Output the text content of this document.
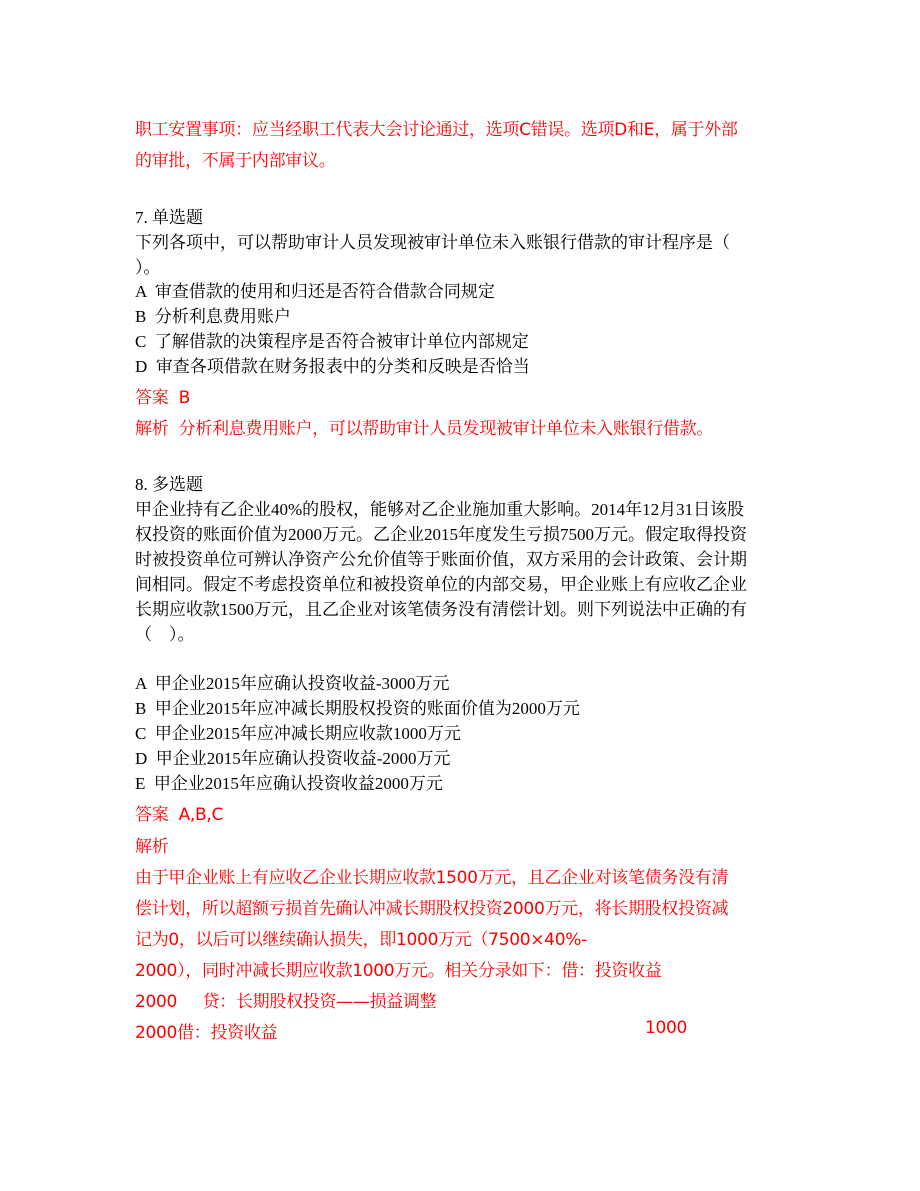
职工安置事项：应当经职工代表大会讨论通过，选项C错误。选项D和E，属于外部
的审批，不属于内部审议。
7. 单选题
下列各项中，可以帮助审计人员发现被审计单位未入账银行借款的审计程序是（
）。
A  审查借款的使用和归还是否符合借款合同规定
B  分析利息费用账户
C  了解借款的决策程序是否符合被审计单位内部规定
D  审查各项借款在财务报表中的分类和反映是否恰当
答案  B
解析  分析利息费用账户，可以帮助审计人员发现被审计单位未入账银行借款。
8. 多选题
甲企业持有乙企业40%的股权，能够对乙企业施加重大影响。2014年12月31日该股
权投资的账面价值为2000万元。乙企业2015年度发生亏损7500万元。假定取得投资
时被投资单位可辨认净资产公允价值等于账面价值，双方采用的会计政策、会计期
间相同。假定不考虑投资单位和被投资单位的内部交易，甲企业账上有应收乙企业
长期应收款1500万元，且乙企业对该笔债务没有清偿计划。则下列说法中正确的有
（    ）。
A  甲企业2015年应确认投资收益-3000万元
B  甲企业2015年应冲减长期股权投资的账面价值为2000万元
C  甲企业2015年应冲减长期应收款1000万元
D  甲企业2015年应确认投资收益-2000万元
E  甲企业2015年应确认投资收益2000万元
答案  A,B,C
解析
由于甲企业账上有应收乙企业长期应收款1500万元，且乙企业对该笔债务没有清
偿计划，所以超额亏损首先确认冲减长期股权投资2000万元，将长期股权投资减
记为0，以后可以继续确认损失，即1000万元（7500×40%-
2000），同时冲减长期应收款1000万元。相关分录如下：借：投资收益
2000     贷：长期股权投资——损益调整
2000借：投资收益	1000
